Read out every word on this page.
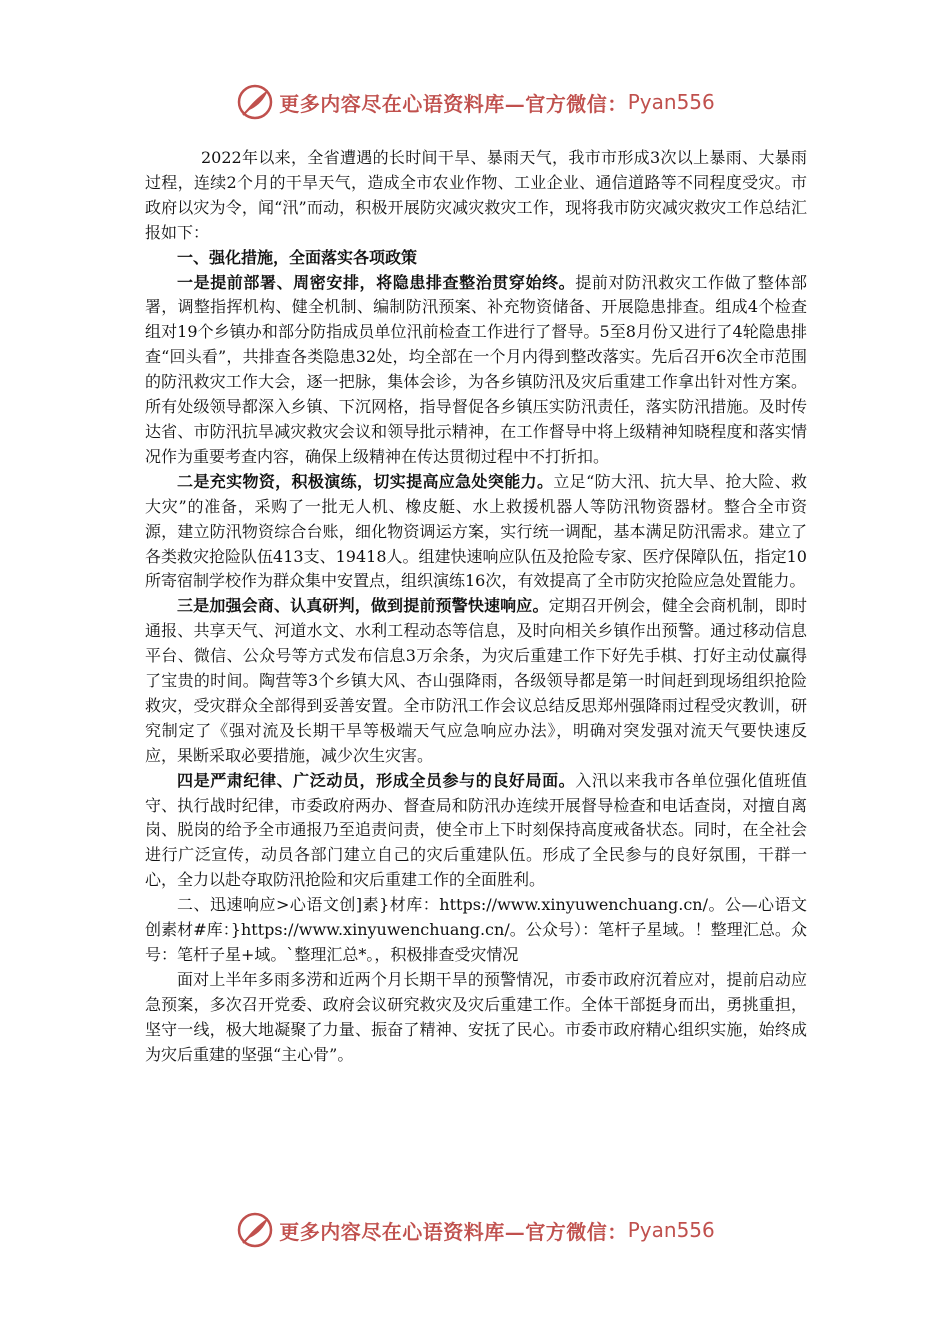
更多内容尽在心语资料库—官方微信： Pyan556

2022年以来，全省遭遇的长时间干旱、暴雨天气，我市市形成3次以上暴雨、大暴雨过程，连续2个月的干旱天气，造成全市农业作物、工业企业、通信道路等不同程度受灾。市政府以灾为令，闻“汛”而动，积极开展防灾减灾救灾工作，现将我市防灾减灾救灾工作总结汇报如下：

一、强化措施，全面落实各项政策

一是提前部署、周密安排，将隐患排查整治贯穿始终。提前对防汛救灾工作做了整体部署，调整指挥机构、健全机制、编制防汛预案、补充物资储备、开展隐患排查。组成4个检查组对19个乡镇办和部分防指成员单位汛前检查工作进行了督导。5至8月份又进行了4轮隐患排查“回头看”，共排查各类隐患32处，均全部在一个月内得到整改落实。先后召开6次全市范围的防汛救灾工作大会，逐一把脉，集体会诊，为各乡镇防汛及灾后重建工作拿出针对性方案。所有处级领导都深入乡镇、下沉网格，指导督促各乡镇压实防汛责任，落实防汛措施。及时传达省、市防汛抗旱减灾救灾会议和领导批示精神，在工作督导中将上级精神知晓程度和落实情况作为重要考查内容，确保上级精神在传达贯彻过程中不打折扣。

二是充实物资，积极演练，切实提高应急处突能力。立足“防大汛、抗大旱、抢大险、救大灾”的准备，采购了一批无人机、橡皮艇、水上救援机器人等防汛物资器材。整合全市资源，建立防汛物资综合台账，细化物资调运方案，实行统一调配，基本满足防汛需求。建立了各类救灾抢险队伍413支、19418人。组建快速响应队伍及抢险专家、医疗保障队伍，指定10所寄宿制学校作为群众集中安置点，组织演练16次，有效提高了全市防灾抢险应急处置能力。

三是加强会商、认真研判，做到提前预警快速响应。定期召开例会，健全会商机制，即时通报、共享天气、河道水文、水利工程动态等信息，及时向相关乡镇作出预警。通过移动信息平台、微信、公众号等方式发布信息3万余条，为灾后重建工作下好先手棋、打好主动仗赢得了宝贵的时间。陶营等3个乡镇大风、杏山强降雨，各级领导都是第一时间赶到现场组织抢险救灾，受灾群众全部得到妥善安置。全市防汛工作会议总结反思郑州强降雨过程受灾教训，研究制定了《强对流及长期干旱等极端天气应急响应办法》，明确对突发强对流天气要快速反应，果断采取必要措施，减少次生灾害。

四是严肃纪律、广泛动员，形成全员参与的良好局面。入汛以来我市各单位强化值班值守、执行战时纪律，市委政府两办、督查局和防汛办连续开展督导检查和电话查岗，对擅自离岗、脱岗的给予全市通报乃至追责问责，使全市上下时刻保持高度戒备状态。同时，在全社会进行广泛宣传，动员各部门建立自己的灾后重建队伍。形成了全民参与的良好氛围，干群一心，全力以赴夺取防汛抢险和灾后重建工作的全面胜利。

二、迅速响应>心语文创]素}材库：https://www.xinyuwenchuang.cn/。公—心语文创素材#库：}https://www.xinyuwenchuang.cn/。公众号）：笔杆子星域。！整理汇总。众号：笔杆子星+域。`整理汇总*。，积极排查受灾情况

面对上半年多雨多涝和近两个月长期干旱的预警情况，市委市政府沉着应对，提前启动应急预案，多次召开党委、政府会议研究救灾及灾后重建工作。全体干部挺身而出，勇挑重担，坚守一线，极大地凝聚了力量、振奋了精神、安抚了民心。市委市政府精心组织实施，始终成为灾后重建的坚强“主心骨”。

更多内容尽在心语资料库—官方微信： Pyan556
